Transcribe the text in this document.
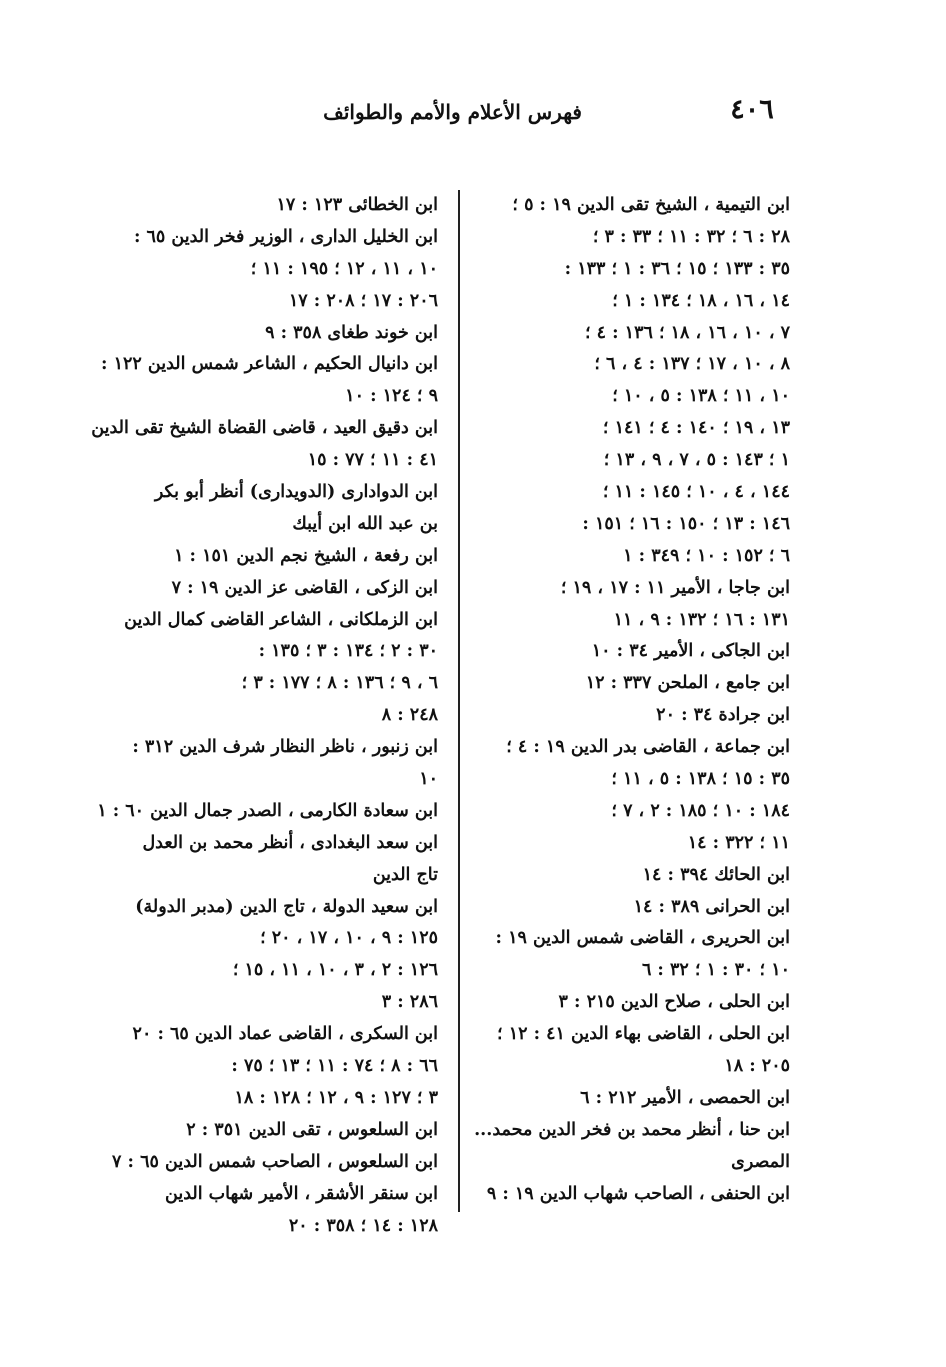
٤٠٦
فهرس الأعلام والأمم والطوائف
ابن التيمية ، الشيخ تقى الدين ١٩ : ٥ ؛
٢٨ : ٦ ؛ ٣٢ : ١١ ؛ ٣٣ : ٣ ؛
٣٥ : ١٣٣ ؛ ١٥ ؛ ٣٦ : ١ ؛ ١٣٣ :
١٤ ، ١٦ ، ١٨ ؛ ١٣٤ : ١ ؛
٧ ، ١٠ ، ١٦ ، ١٨ ؛ ١٣٦ : ٤ ؛
٨ ، ١٠ ، ١٧ ؛ ١٣٧ : ٤ ، ٦ ؛
١٠ ، ١١ ؛ ١٣٨ : ٥ ، ١٠ ؛
١٣ ، ١٩ ؛ ١٤٠ : ٤ ؛ ١٤١ ؛
١ ؛ ١٤٣ : ٥ ، ٧ ، ٩ ، ١٣ ؛
١٤٤ ، ٤ ، ١٠ ؛ ١٤٥ : ١١ ؛
١٤٦ : ١٣ ؛ ١٥٠ : ١٦ ؛ ١٥١ :
٦ ؛ ١٥٢ : ١٠ ؛ ٣٤٩ : ١
ابن جاجا ، الأمير ١١ : ١٧ ، ١٩ ؛
١٣١ : ١٦ ؛ ١٣٢ : ٩ ، ١١
ابن الجاكى ، الأمير ٣٤ : ١٠
ابن جامع ، الملحن ٣٣٧ : ١٢
ابن جرادة ٣٤ : ٢٠
ابن جماعة ، القاضى بدر الدين ١٩ : ٤ ؛
٣٥ : ١٥ ؛ ١٣٨ : ٥ ، ١١ ؛
١٨٤ : ١٠ ؛ ١٨٥ : ٢ ، ٧ ؛
١١ ؛ ٣٢٢ : ١٤
ابن الحائك ٣٩٤ : ١٤
ابن الحرانى ٣٨٩ : ١٤
ابن الحريرى ، القاضى شمس الدين ١٩ :
١٠ ؛ ٣٠ : ١ ؛ ٣٢ : ٦
ابن الحلى ، صلاح الدين ٢١٥ : ٣
ابن الحلى ، القاضى بهاء الدين ٤١ : ١٢ ؛
٢٠٥ : ١٨
ابن الحمصى ، الأمير ٢١٢ : ٦
ابن حنا ، أنظر محمد بن فخر الدين محمد...
المصرى
ابن الحنفى ، الصاحب شهاب الدين ١٩ : ٩
ابن الخطائى ١٢٣ : ١٧
ابن الخليل الدارى ، الوزير فخر الدين ٦٥ :
١٠ ، ١١ ، ١٢ ؛ ١٩٥ : ١١ ؛
٢٠٦ : ١٧ ؛ ٢٠٨ : ١٧
ابن خوند طغاى ٣٥٨ : ٩
ابن دانيال الحكيم ، الشاعر شمس الدين ١٢٢ :
٩ ؛ ١٢٤ : ١٠
ابن دقيق العيد ، قاضى القضاة الشيخ تقى الدين
٤١ : ١١ ؛ ٧٧ : ١٥
ابن الدوادارى (الدويدارى) أنظر أبو بكر
بن عبد الله ابن أيبك
ابن رفعة ، الشيخ نجم الدين ١٥١ : ١
ابن الزكى ، القاضى عز الدين ١٩ : ٧
ابن الزملكانى ، الشاعر القاضى كمال الدين
٣٠ : ٢ ؛ ١٣٤ : ٣ ؛ ١٣٥ :
٦ ، ٩ ؛ ١٣٦ : ٨ ؛ ١٧٧ : ٣ ؛
٢٤٨ : ٨
ابن زنبور ، ناظر النظار شرف الدين ٣١٢ :
١٠
ابن سعادة الكارمى ، الصدر جمال الدين ٦٠ : ١
ابن سعد البغدادى ، أنظر محمد بن العدل
تاج الدين
ابن سعيد الدولة ، تاج الدين (مدبر الدولة)
١٢٥ : ٩ ، ١٠ ، ١٧ ، ٢٠ ؛
١٢٦ : ٢ ، ٣ ، ١٠ ، ١١ ، ١٥ ؛
٢٨٦ : ٣
ابن السكرى ، القاضى عماد الدين ٦٥ : ٢٠
٦٦ : ٨ ؛ ٧٤ : ١١ ؛ ١٣ ؛ ٧٥ :
٣ ؛ ١٢٧ : ٩ ، ١٢ ؛ ١٢٨ : ١٨
ابن السلعوس ، تقى الدين ٣٥١ : ٢
ابن السلعوس ، الصاحب شمس الدين ٦٥ : ٧
ابن سنقر الأشقر ، الأمير شهاب الدين
١٢٨ : ١٤ ؛ ٣٥٨ : ٢٠
